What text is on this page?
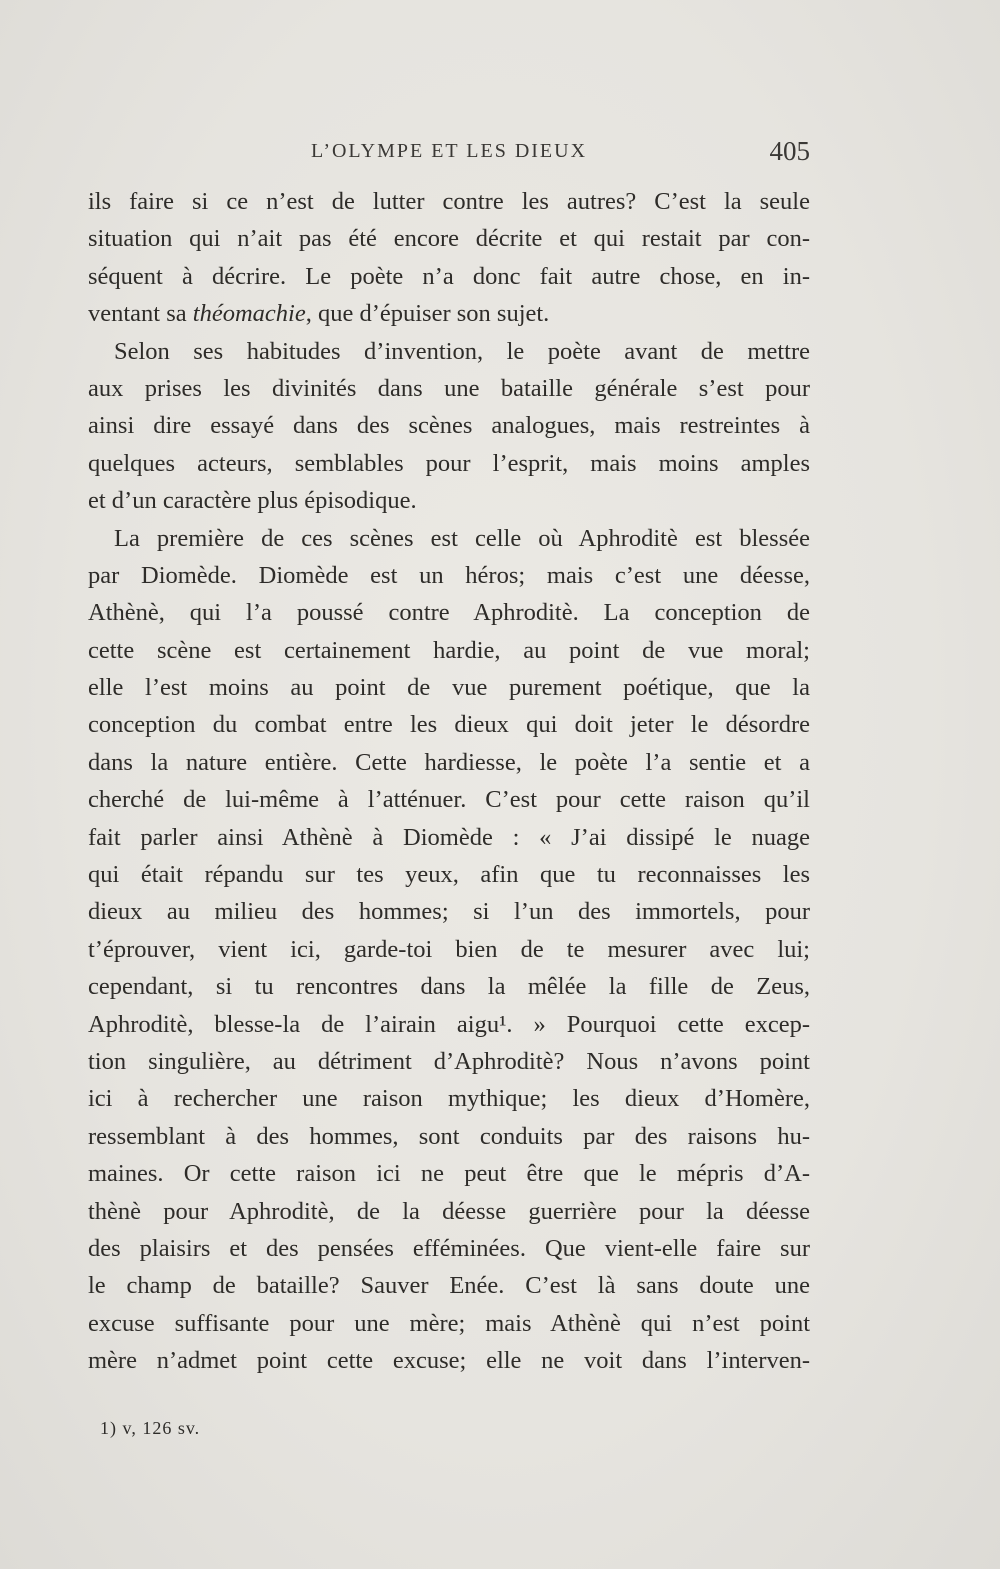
L’OLYMPE ET LES DIEUX	405
ils faire si ce n’est de lutter contre les autres? C’est la seule
situation qui n’ait pas été encore décrite et qui restait par con-
séquent à décrire. Le poète n’a donc fait autre chose, en in-
ventant sa théomachie, que d’épuiser son sujet.
Selon ses habitudes d’invention, le poète avant de mettre
aux prises les divinités dans une bataille générale s’est pour
ainsi dire essayé dans des scènes analogues, mais restreintes à
quelques acteurs, semblables pour l’esprit, mais moins amples
et d’un caractère plus épisodique.
La première de ces scènes est celle où Aphroditè est blessée
par Diomède. Diomède est un héros; mais c’est une déesse,
Athènè, qui l’a poussé contre Aphroditè. La conception de
cette scène est certainement hardie, au point de vue moral;
elle l’est moins au point de vue purement poétique, que la
conception du combat entre les dieux qui doit jeter le désordre
dans la nature entière. Cette hardiesse, le poète l’a sentie et a
cherché de lui-même à l’atténuer. C’est pour cette raison qu’il
fait parler ainsi Athènè à Diomède : « J’ai dissipé le nuage
qui était répandu sur tes yeux, afin que tu reconnaisses les
dieux au milieu des hommes; si l’un des immortels, pour
t’éprouver, vient ici, garde-toi bien de te mesurer avec lui;
cependant, si tu rencontres dans la mêlée la fille de Zeus,
Aphroditè, blesse-la de l’airain aigu¹. » Pourquoi cette excep-
tion singulière, au détriment d’Aphroditè? Nous n’avons point
ici à rechercher une raison mythique; les dieux d’Homère,
ressemblant à des hommes, sont conduits par des raisons hu-
maines. Or cette raison ici ne peut être que le mépris d’A-
thènè pour Aphroditè, de la déesse guerrière pour la déesse
des plaisirs et des pensées efféminées. Que vient-elle faire sur
le champ de bataille? Sauver Enée. C’est là sans doute une
excuse suffisante pour une mère; mais Athènè qui n’est point
mère n’admet point cette excuse; elle ne voit dans l’interven-
1) v, 126 sv.
